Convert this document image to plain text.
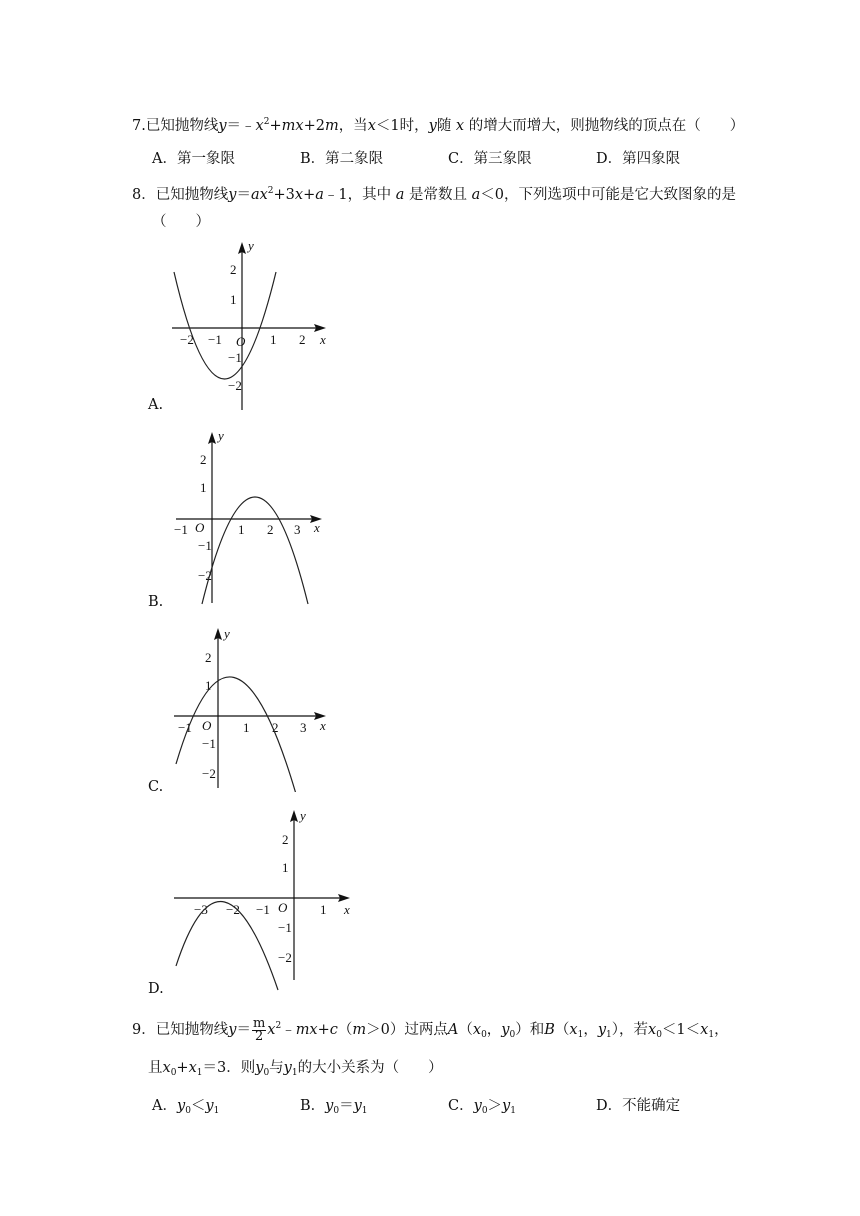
7.已知抛物线$y=﹣x^2+mx+2m$，当x＜1时，y随 x 的增大而增大，则抛物线的顶点在（　　）
A．第一象限	B．第二象限	C．第三象限	D．第四象限
8．已知抛物线$y=ax^2+3x+a﹣1$，其中 a 是常数且 a＜0，下列选项中可能是它大致图象的是
（　　）
y
x
2
1
−2 −1 O 1 2
−1
−2
A.
y
x
2
1
−1 O	1 2 3
−1
−2
B.
y
x
2
1
−1 O 1 2 3
−1
−2
C.
y
x
2
1
−3 −2 −1 O	1
−1
−2
D.
9．已知抛物线$y= \frac{m}{2}$ $x^2﹣mx+c(m>0)$过两点$A(x_0$，$y_0$）和$B(x_1$，$y_1$），若$x_0<1<x_1$，
且$x_0+x_1=3$．则$y_0$与$y_1$的大小关系为（　　）
A．$y_0<y_1$	B．$y_0=y_1$	C．$y_0>y_1$	D．不能确定
